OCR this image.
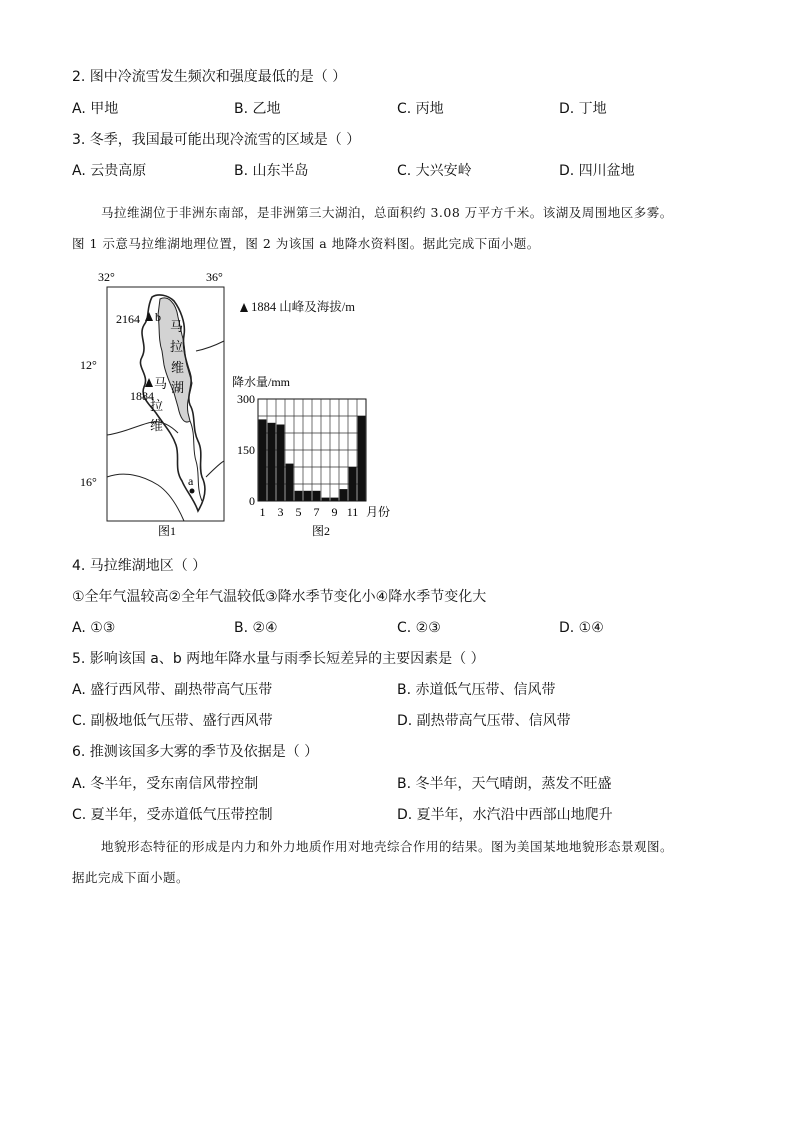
2. 图中冷流雪发生频次和强度最低的是（ ）
A. 甲地	B. 乙地	C. 丙地	D. 丁地
3. 冬季，我国最可能出现冷流雪的区域是（ ）
A. 云贵高原	B. 山东半岛	C. 大兴安岭	D. 四川盆地
马拉维湖位于非洲东南部，是非洲第三大湖泊，总面积约 3.08 万平方千米。该湖及周围地区多雾。
图 1 示意马拉维湖地理位置，图 2 为该国 a 地降水资料图。据此完成下面小题。
32°	36°
12°
16°
2164 b
1884
a
马
拉
维
湖
马
拉
维
图1
1884 山峰及海拔/m
降水量/mm
0
150
300
1 3 5 7 9 11 月份
图2
4. 马拉维湖地区（ ）
①全年气温较高②全年气温较低③降水季节变化小④降水季节变化大
A. ①③	B. ②④	C. ②③	D. ①④
5. 影响该国 a、b 两地年降水量与雨季长短差异的主要因素是（ ）
A. 盛行西风带、副热带高气压带	B. 赤道低气压带、信风带
C. 副极地低气压带、盛行西风带	D. 副热带高气压带、信风带
6. 推测该国多大雾的季节及依据是（ ）
A. 冬半年，受东南信风带控制	B. 冬半年，天气晴朗，蒸发不旺盛
C. 夏半年，受赤道低气压带控制	D. 夏半年，水汽沿中西部山地爬升
地貌形态特征的形成是内力和外力地质作用对地壳综合作用的结果。图为美国某地地貌形态景观图。
据此完成下面小题。
